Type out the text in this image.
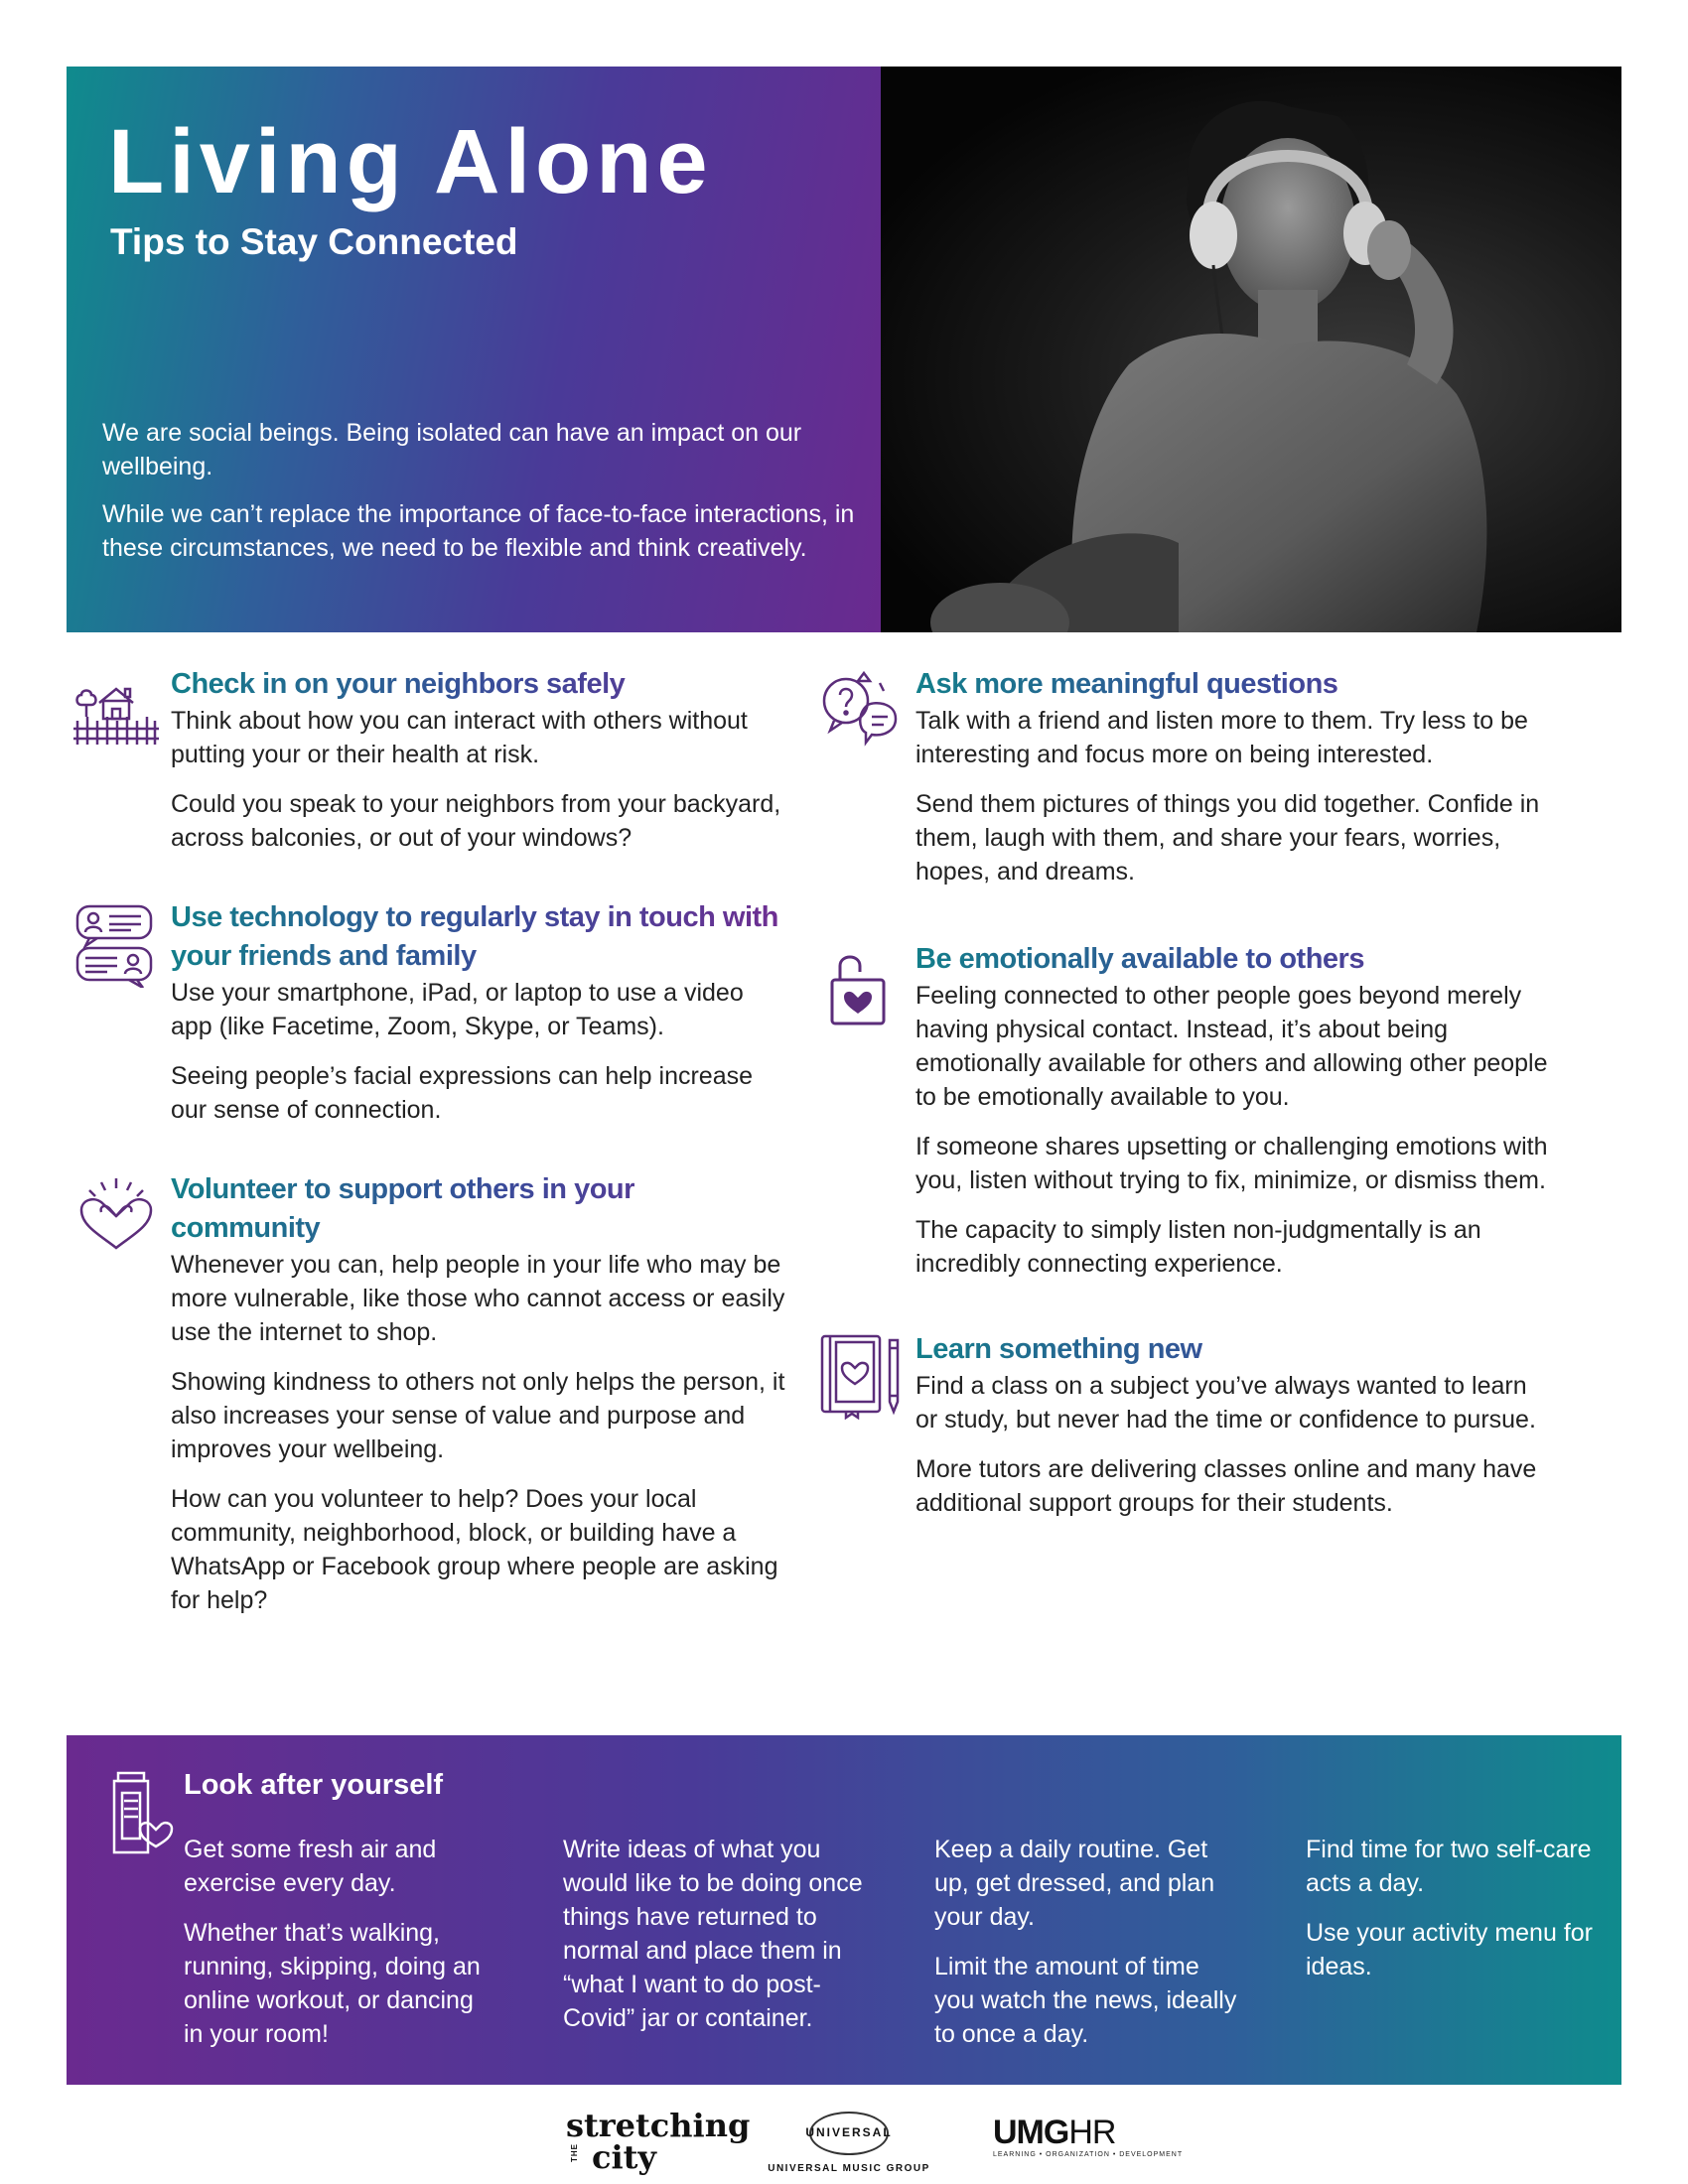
Living Alone
Tips to Stay Connected

We are social beings. Being isolated can have an impact on our wellbeing.

While we can’t replace the importance of face-to-face interactions, in these circumstances, we need to be flexible and think creatively.

Check in on your neighbors safely

Think about how you can interact with others without putting your or their health at risk.

Could you speak to your neighbors from your backyard, across balconies, or out of your windows?

Use technology to regularly stay in touch with your friends and family

Use your smartphone, iPad, or laptop to use a video app (like Facetime, Zoom, Skype, or Teams).

Seeing people’s facial expressions can help increase our sense of connection.

Volunteer to support others in your community

Whenever you can, help people in your life who may be more vulnerable, like those who cannot access or easily use the internet to shop.

Showing kindness to others not only helps the person, it also increases your sense of value and purpose and improves your wellbeing.

How can you volunteer to help? Does your local community, neighborhood, block, or building have a WhatsApp or Facebook group where people are asking for help?

Ask more meaningful questions

Talk with a friend and listen more to them. Try less to be interesting and focus more on being interested.

Send them pictures of things you did together. Confide in them, laugh with them, and share your fears, worries, hopes, and dreams.

Be emotionally available to others

Feeling connected to other people goes beyond merely having physical contact. Instead, it’s about being emotionally available for others and allowing other people to be emotionally available to you.

If someone shares upsetting or challenging emotions with you, listen without trying to fix, minimize, or dismiss them.

The capacity to simply listen non-judgmentally is an incredibly connecting experience.

Learn something new

Find a class on a subject you’ve always wanted to learn or study, but never had the time or confidence to pursue.

More tutors are delivering classes online and many have additional support groups for their students.

Look after yourself

Get some fresh air and exercise every day.

Whether that’s walking, running, skipping, doing an online workout, or dancing in your room!

Write ideas of what you would like to be doing once things have returned to normal and place them in “what I want to do post-Covid” jar or container.

Keep a daily routine. Get up, get dressed, and plan your day.

Limit the amount of time you watch the news, ideally to once a day.

Find time for two self-care acts a day.

Use your activity menu for ideas.

stretching
THE city
UNIVERSAL
UNIVERSAL MUSIC GROUP
UMGHR
LEARNING • ORGANIZATION • DEVELOPMENT
